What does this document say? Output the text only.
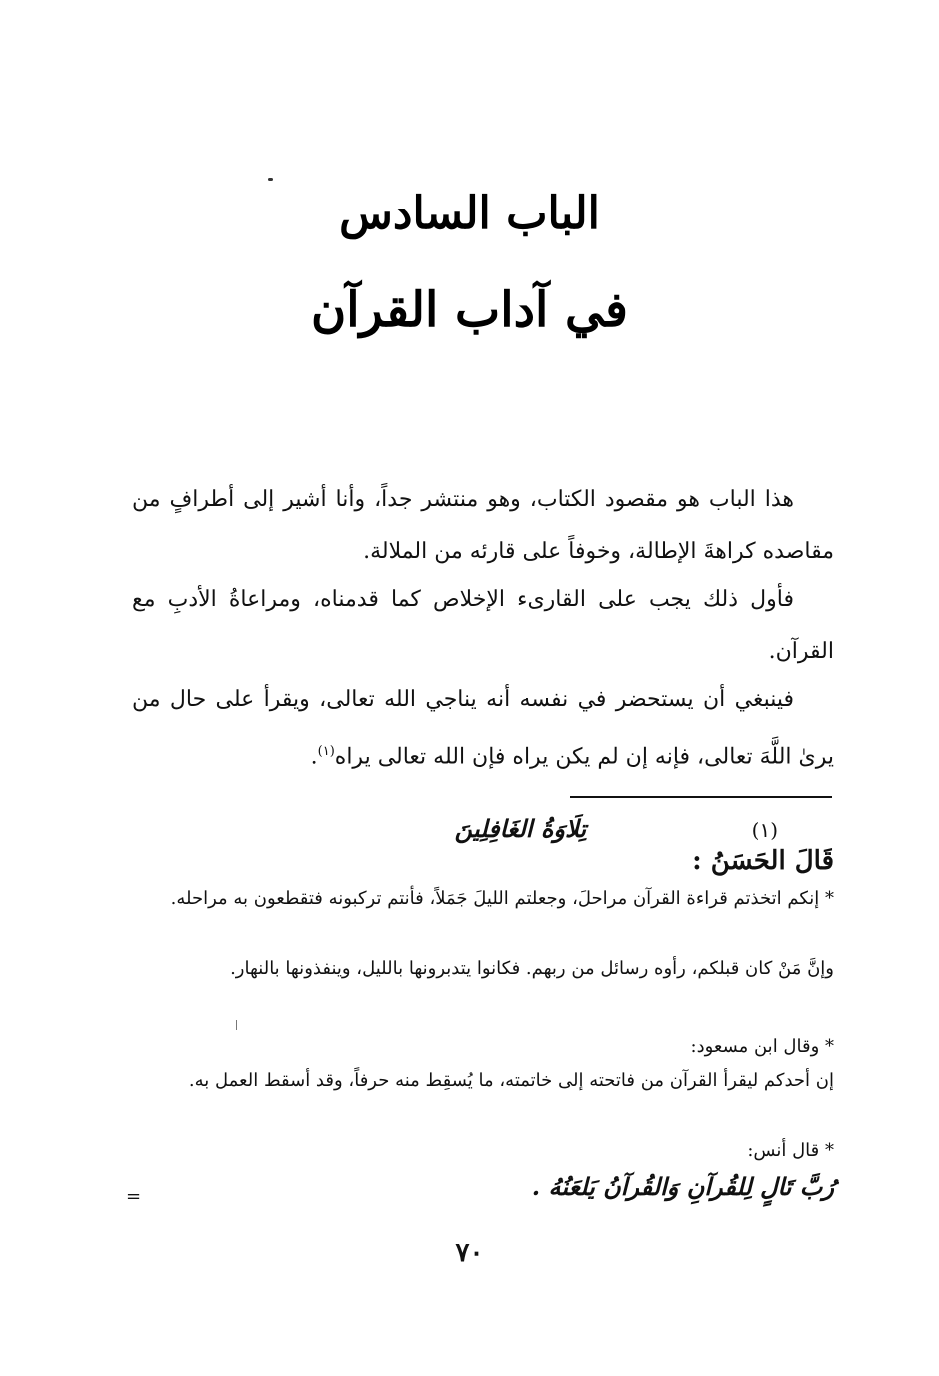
الباب السادس
في آداب القرآن
هذا الباب هو مقصود الكتاب، وهو منتشر جداً، وأنا أشير إلى أطرافٍ من مقاصده كراهةَ الإطالة، وخوفاً على قارئه من الملالة.
فأول ذلك يجب على القارىء الإخلاص كما قدمناه، ومراعاةُ الأدبِ مع القرآن.
فينبغي أن يستحضر في نفسه أنه يناجي الله تعالى، ويقرأ على حال من يرىٰ اللَّهَ تعالى، فإنه إن لم يكن يراه فإن الله تعالى يراه$^{(١)}$.
(١)
تِلَاوَةُ الغَافِلِينَ
قَالَ الحَسَنُ :
* إنكم اتخذتم قراءة القرآن مراحلَ، وجعلتم الليلَ جَمَلاً، فأنتم تركبونه فتقطعون به مراحله.
وإنَّ مَنْ كان قبلكم، رأوه رسائل من ربهم. فكانوا يتدبرونها بالليل، وينفذونها بالنهار.
* وقال ابن مسعود:
إن أحدكم ليقرأ القرآن من فاتحته إلى خاتمته، ما يُسقِط منه حرفاً، وقد أسقط العمل به.
* قال أنس:
رُبَّ تَالٍ لِلقُرآنِ وَالقُرآنُ يَلعَنُهُ .
=
٧٠
